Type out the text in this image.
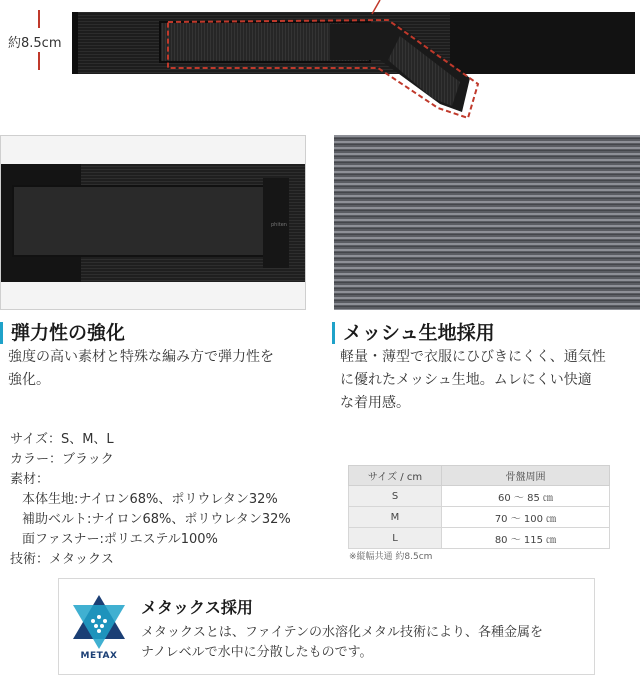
約8.5cm
phiten
弾力性の強化
強度の高い素材と特殊な編み方で弾力性を
強化。
メッシュ生地採用
軽量・薄型で衣服にひびきにくく、通気性
に優れたメッシュ生地。ムレにくい快適
な着用感。
サイズ：S、M、L
カラー：ブラック
素材：
本体生地:ナイロン68%、ポリウレタン32%
補助ベルト:ナイロン68%、ポリウレタン32%
面ファスナー:ポリエステル100%
技術：メタックス
サイズ / cm	骨盤周囲
S	60 〜 85 ㎝
M	70 〜 100 ㎝
L	80 〜 115 ㎝
※縦幅共通 約8.5cm
METAX
メタックス採用
メタックスとは、ファイテンの水溶化メタル技術により、各種金属を
ナノレベルで水中に分散したものです。
